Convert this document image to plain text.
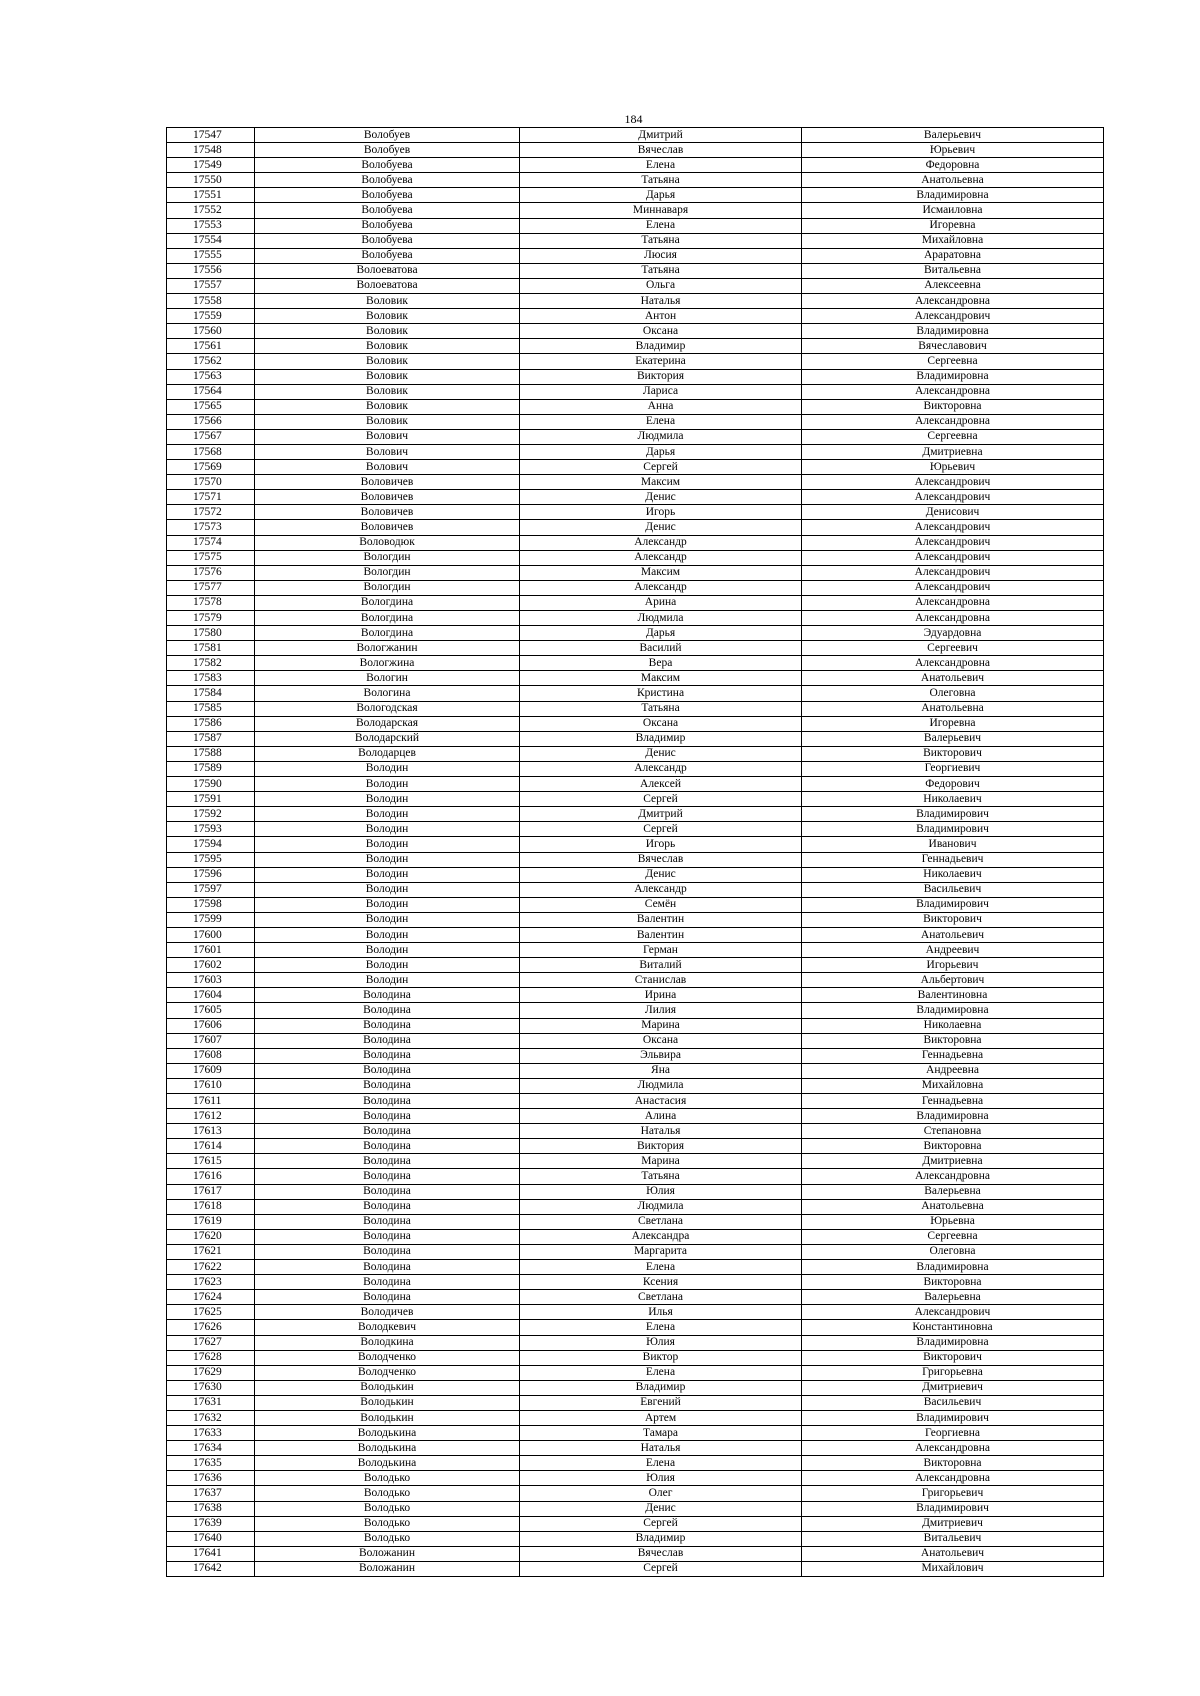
184
17547	Волобуев	Дмитрий	Валерьевич
17548	Волобуев	Вячеслав	Юрьевич
17549	Волобуева	Елена	Федоровна
17550	Волобуева	Татьяна	Анатольевна
17551	Волобуева	Дарья	Владимировна
17552	Волобуева	Миннаваря	Исмаиловна
17553	Волобуева	Елена	Игоревна
17554	Волобуева	Татьяна	Михайловна
17555	Волобуева	Люсия	Араратовна
17556	Волоеватова	Татьяна	Витальевна
17557	Волоеватова	Ольга	Алексеевна
17558	Воловик	Наталья	Александровна
17559	Воловик	Антон	Александрович
17560	Воловик	Оксана	Владимировна
17561	Воловик	Владимир	Вячеславович
17562	Воловик	Екатерина	Сергеевна
17563	Воловик	Виктория	Владимировна
17564	Воловик	Лариса	Александровна
17565	Воловик	Анна	Викторовна
17566	Воловик	Елена	Александровна
17567	Волович	Людмила	Сергеевна
17568	Волович	Дарья	Дмитриевна
17569	Волович	Сергей	Юрьевич
17570	Воловичев	Максим	Александрович
17571	Воловичев	Денис	Александрович
17572	Воловичев	Игорь	Денисович
17573	Воловичев	Денис	Александрович
17574	Воловодюк	Александр	Александрович
17575	Вологдин	Александр	Александрович
17576	Вологдин	Максим	Александрович
17577	Вологдин	Александр	Александрович
17578	Вологдина	Арина	Александровна
17579	Вологдина	Людмила	Александровна
17580	Вологдина	Дарья	Эдуардовна
17581	Вологжанин	Василий	Сергеевич
17582	Вологжина	Вера	Александровна
17583	Вологин	Максим	Анатольевич
17584	Вологина	Кристина	Олеговна
17585	Вологодская	Татьяна	Анатольевна
17586	Володарская	Оксана	Игоревна
17587	Володарский	Владимир	Валерьевич
17588	Володарцев	Денис	Викторович
17589	Володин	Александр	Георгиевич
17590	Володин	Алексей	Федорович
17591	Володин	Сергей	Николаевич
17592	Володин	Дмитрий	Владимирович
17593	Володин	Сергей	Владимирович
17594	Володин	Игорь	Иванович
17595	Володин	Вячеслав	Геннадьевич
17596	Володин	Денис	Николаевич
17597	Володин	Александр	Васильевич
17598	Володин	Семён	Владимирович
17599	Володин	Валентин	Викторович
17600	Володин	Валентин	Анатольевич
17601	Володин	Герман	Андреевич
17602	Володин	Виталий	Игорьевич
17603	Володин	Станислав	Альбертович
17604	Володина	Ирина	Валентиновна
17605	Володина	Лилия	Владимировна
17606	Володина	Марина	Николаевна
17607	Володина	Оксана	Викторовна
17608	Володина	Эльвира	Геннадьевна
17609	Володина	Яна	Андреевна
17610	Володина	Людмила	Михайловна
17611	Володина	Анастасия	Геннадьевна
17612	Володина	Алина	Владимировна
17613	Володина	Наталья	Степановна
17614	Володина	Виктория	Викторовна
17615	Володина	Марина	Дмитриевна
17616	Володина	Татьяна	Александровна
17617	Володина	Юлия	Валерьевна
17618	Володина	Людмила	Анатольевна
17619	Володина	Светлана	Юрьевна
17620	Володина	Александра	Сергеевна
17621	Володина	Маргарита	Олеговна
17622	Володина	Елена	Владимировна
17623	Володина	Ксения	Викторовна
17624	Володина	Светлана	Валерьевна
17625	Володичев	Илья	Александрович
17626	Володкевич	Елена	Константиновна
17627	Володкина	Юлия	Владимировна
17628	Володченко	Виктор	Викторович
17629	Володченко	Елена	Григорьевна
17630	Володькин	Владимир	Дмитриевич
17631	Володькин	Евгений	Васильевич
17632	Володькин	Артем	Владимирович
17633	Володькина	Тамара	Георгиевна
17634	Володькина	Наталья	Александровна
17635	Володькина	Елена	Викторовна
17636	Володько	Юлия	Александровна
17637	Володько	Олег	Григорьевич
17638	Володько	Денис	Владимирович
17639	Володько	Сергей	Дмитриевич
17640	Володько	Владимир	Витальевич
17641	Воложанин	Вячеслав	Анатольевич
17642	Воложанин	Сергей	Михайлович
